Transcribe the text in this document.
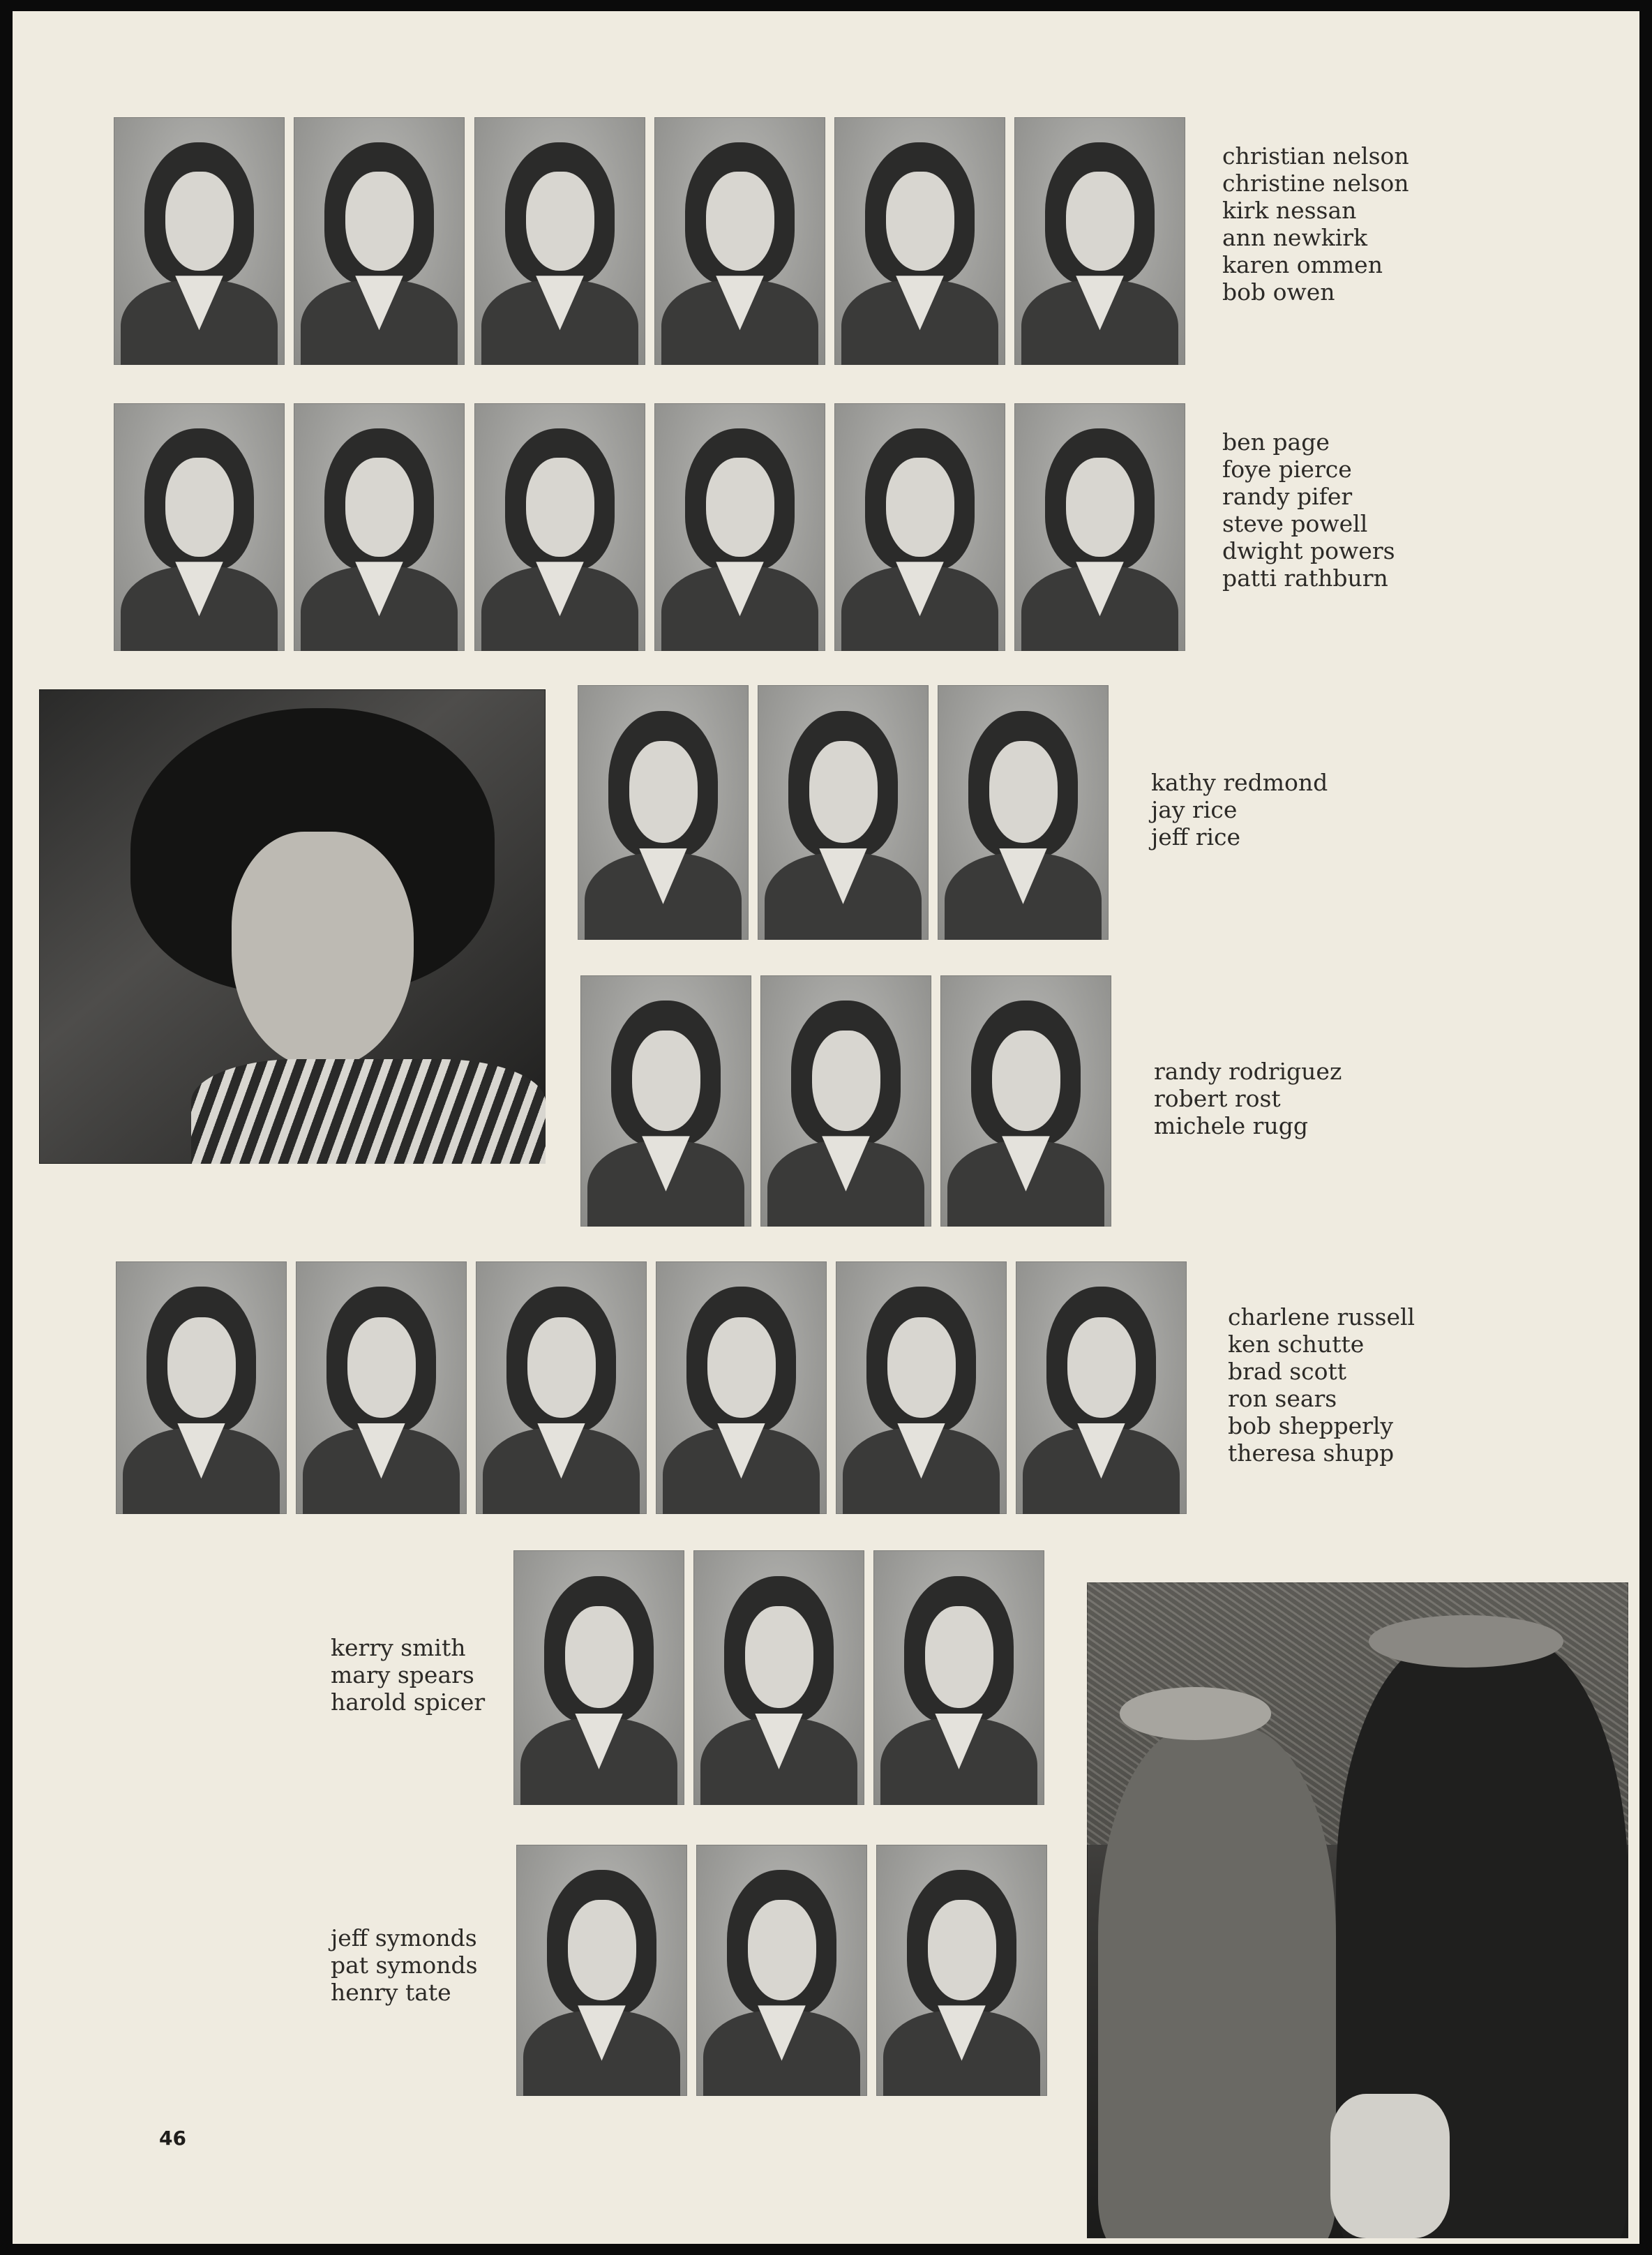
christian nelson
christine nelson
kirk nessan
ann newkirk
karen ommen
bob owen
ben page
foye pierce
randy pifer
steve powell
dwight powers
patti rathburn
kathy redmond
jay rice
jeff rice
randy rodriguez
robert rost
michele rugg
charlene russell
ken schutte
brad scott
ron sears
bob shepperly
theresa shupp
kerry smith
mary spears
harold spicer
jeff symonds
pat symonds
henry tate
46
